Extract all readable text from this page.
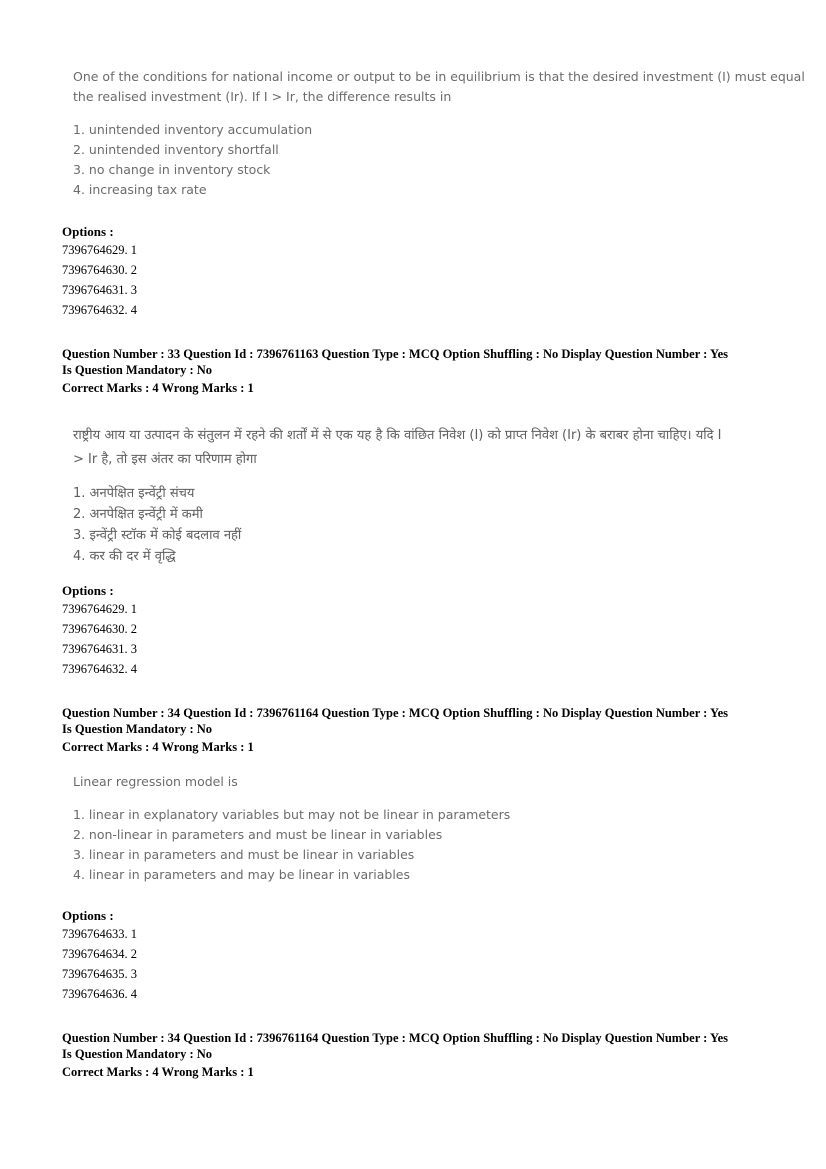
One of the conditions for national income or output to be in equilibrium is that the desired investment (I) must equal

the realised investment (Ir). If I > Ir, the difference results in

1. unintended inventory accumulation
2. unintended inventory shortfall
3. no change in inventory stock
4. increasing tax rate
Options :
7396764629. 1
7396764630. 2
7396764631. 3
7396764632. 4
Question Number : 33 Question Id : 7396761163 Question Type : MCQ Option Shuffling : No Display Question Number : Yes
Is Question Mandatory : No
Correct Marks : 4 Wrong Marks : 1

राष्ट्रीय आय या उत्पादन के संतुलन में रहने की शर्तों में से एक यह है कि वांछित निवेश (I) को प्राप्त निवेश (Ir) के बराबर होना चाहिए। यदि I

> Ir है, तो इस अंतर का परिणाम होगा

1. अनपेक्षित इन्वेंट्री संचय
2. अनपेक्षित इन्वेंट्री में कमी
3. इन्वेंट्री स्टॉक में कोई बदलाव नहीं
4. कर की दर में वृद्धि
Options :
7396764629. 1
7396764630. 2
7396764631. 3
7396764632. 4
Question Number : 34 Question Id : 7396761164 Question Type : MCQ Option Shuffling : No Display Question Number : Yes
Is Question Mandatory : No
Correct Marks : 4 Wrong Marks : 1

Linear regression model is

1. linear in explanatory variables but may not be linear in parameters
2. non-linear in parameters and must be linear in variables
3. linear in parameters and must be linear in variables
4. linear in parameters and may be linear in variables
Options :
7396764633. 1
7396764634. 2
7396764635. 3
7396764636. 4
Question Number : 34 Question Id : 7396761164 Question Type : MCQ Option Shuffling : No Display Question Number : Yes
Is Question Mandatory : No
Correct Marks : 4 Wrong Marks : 1
